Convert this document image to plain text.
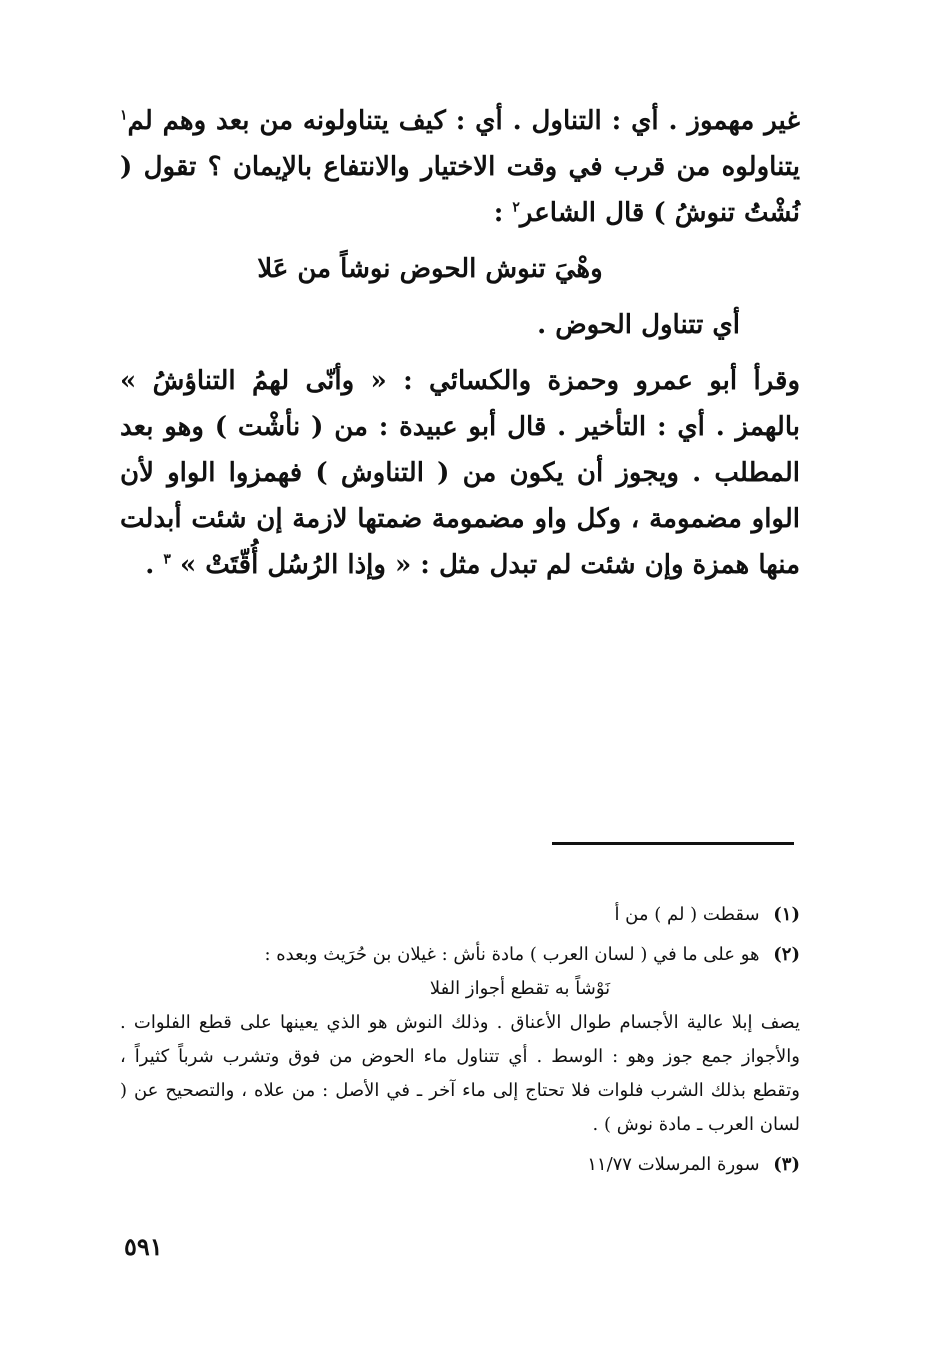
غير مهموز . أي : التناول . أي : كيف يتناولونه من بعد وهم لم$^١$ يتناولوه من قرب في وقت الاختيار والانتفاع بالإيمان ؟ تقول ( نُشْتُ تنوشُ ) قال الشاعر$^٢$ :

وهْيَ تنوش الحوض نوشاً من عَلا
أي تتناول الحوض .

وقرأ أبو عمرو وحمزة والكسائي : « وأنّى لهمُ التناؤشُ » بالهمز . أي : التأخير . قال أبو عبيدة : من ( نأشْت ) وهو بعد المطلب . ويجوز أن يكون من ( التناوش ) فهمزوا الواو لأن الواو مضمومة ، وكل واو مضمومة ضمتها لازمة إن شئت أبدلت منها همزة وإن شئت لم تبدل مثل : « وإذا الرُسُل أُقّتَتْ » $^٣$ .

(١) سقطت ( لم ) من أ
(٢) هو على ما في ( لسان العرب ) مادة نأش : غيلان بن حُرَيث وبعده :
نَوْشاً به تقطع أجواز الفلا
يصف إبلا عالية الأجسام طوال الأعناق . وذلك النوش هو الذي يعينها على قطع الفلوات . والأجواز جمع جوز وهو : الوسط . أي تتناول ماء الحوض من فوق وتشرب شرباً كثيراً ، وتقطع بذلك الشرب فلوات فلا تحتاج إلى ماء آخر ـ في الأصل : من علاه ، والتصحيح عن ( لسان العرب ـ مادة نوش ) .
(٣) سورة المرسلات ١١/٧٧
٥٩١
